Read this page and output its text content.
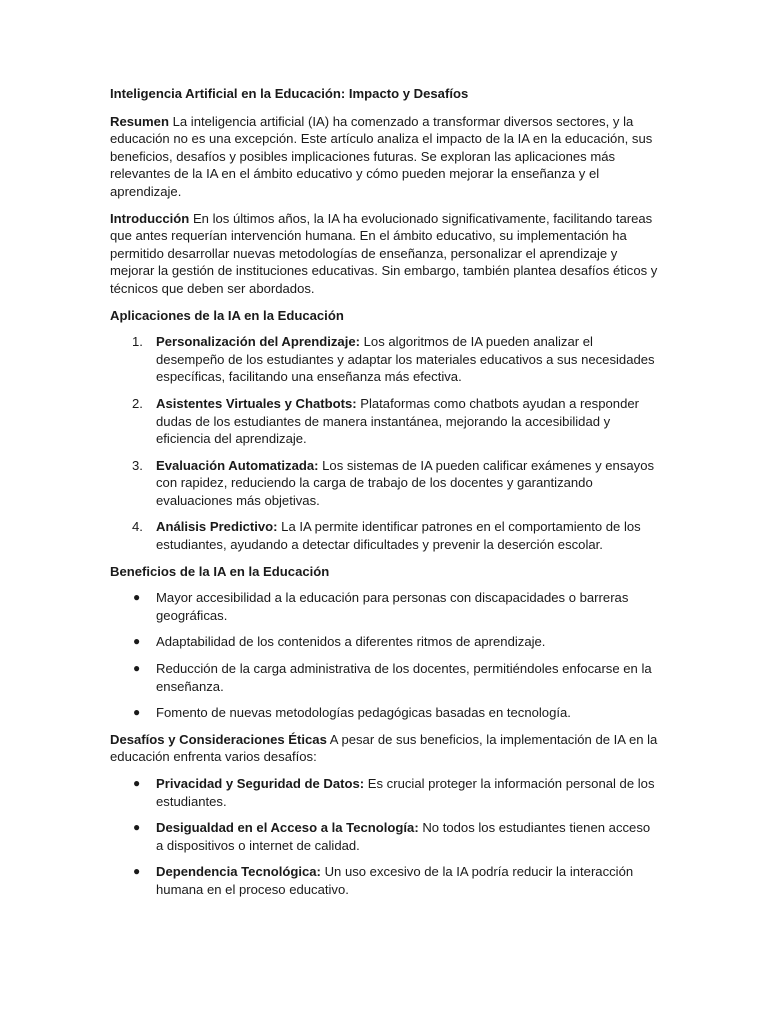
Inteligencia Artificial en la Educación: Impacto y Desafíos

Resumen La inteligencia artificial (IA) ha comenzado a transformar diversos sectores, y la educación no es una excepción. Este artículo analiza el impacto de la IA en la educación, sus beneficios, desafíos y posibles implicaciones futuras. Se exploran las aplicaciones más relevantes de la IA en el ámbito educativo y cómo pueden mejorar la enseñanza y el aprendizaje.

Introducción En los últimos años, la IA ha evolucionado significativamente, facilitando tareas que antes requerían intervención humana. En el ámbito educativo, su implementación ha permitido desarrollar nuevas metodologías de enseñanza, personalizar el aprendizaje y mejorar la gestión de instituciones educativas. Sin embargo, también plantea desafíos éticos y técnicos que deben ser abordados.

Aplicaciones de la IA en la Educación

1. Personalización del Aprendizaje: Los algoritmos de IA pueden analizar el desempeño de los estudiantes y adaptar los materiales educativos a sus necesidades específicas, facilitando una enseñanza más efectiva.
2. Asistentes Virtuales y Chatbots: Plataformas como chatbots ayudan a responder dudas de los estudiantes de manera instantánea, mejorando la accesibilidad y eficiencia del aprendizaje.
3. Evaluación Automatizada: Los sistemas de IA pueden calificar exámenes y ensayos con rapidez, reduciendo la carga de trabajo de los docentes y garantizando evaluaciones más objetivas.
4. Análisis Predictivo: La IA permite identificar patrones en el comportamiento de los estudiantes, ayudando a detectar dificultades y prevenir la deserción escolar.

Beneficios de la IA en la Educación

●	Mayor accesibilidad a la educación para personas con discapacidades o barreras geográficas.
●	Adaptabilidad de los contenidos a diferentes ritmos de aprendizaje.
●	Reducción de la carga administrativa de los docentes, permitiéndoles enfocarse en la enseñanza.
●	Fomento de nuevas metodologías pedagógicas basadas en tecnología.

Desafíos y Consideraciones Éticas A pesar de sus beneficios, la implementación de IA en la educación enfrenta varios desafíos:

●	Privacidad y Seguridad de Datos: Es crucial proteger la información personal de los estudiantes.
●	Desigualdad en el Acceso a la Tecnología: No todos los estudiantes tienen acceso a dispositivos o internet de calidad.
●	Dependencia Tecnológica: Un uso excesivo de la IA podría reducir la interacción humana en el proceso educativo.
